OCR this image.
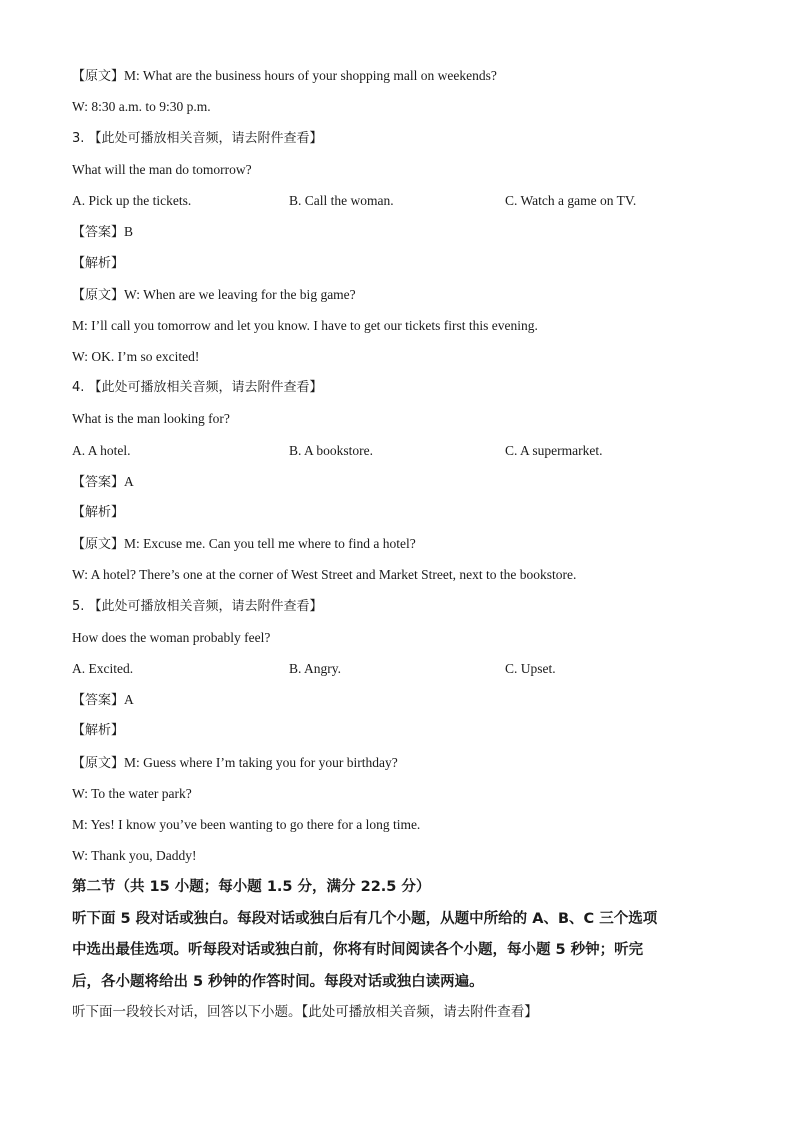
【原文】M: What are the business hours of your shopping mall on weekends?
W: 8:30 a.m. to 9:30 p.m.
3. 【此处可播放相关音频，请去附件查看】
What will the man do tomorrow?
A. Pick up the tickets.	B. Call the woman.	C. Watch a game on TV.
【答案】B
【解析】
【原文】W: When are we leaving for the big game?
M: I’ll call you tomorrow and let you know. I have to get our tickets first this evening.
W: OK. I’m so excited!
4. 【此处可播放相关音频，请去附件查看】
What is the man looking for?
A. A hotel.	B. A bookstore.	C. A supermarket.
【答案】A
【解析】
【原文】M: Excuse me. Can you tell me where to find a hotel?
W: A hotel? There’s one at the corner of West Street and Market Street, next to the bookstore.
5. 【此处可播放相关音频，请去附件查看】
How does the woman probably feel?
A. Excited.	B. Angry.	C. Upset.
【答案】A
【解析】
【原文】M: Guess where I’m taking you for your birthday?
W: To the water park?
M: Yes! I know you’ve been wanting to go there for a long time.
W: Thank you, Daddy!
第二节（共 15 小题；每小题 1.5 分，满分 22.5 分）
听下面 5 段对话或独白。每段对话或独白后有几个小题，从题中所给的 A、B、C 三个选项
中选出最佳选项。听每段对话或独白前，你将有时间阅读各个小题，每小题 5 秒钟；听完
后，各小题将给出 5 秒钟的作答时间。每段对话或独白读两遍。
听下面一段较长对话，回答以下小题。【此处可播放相关音频，请去附件查看】
